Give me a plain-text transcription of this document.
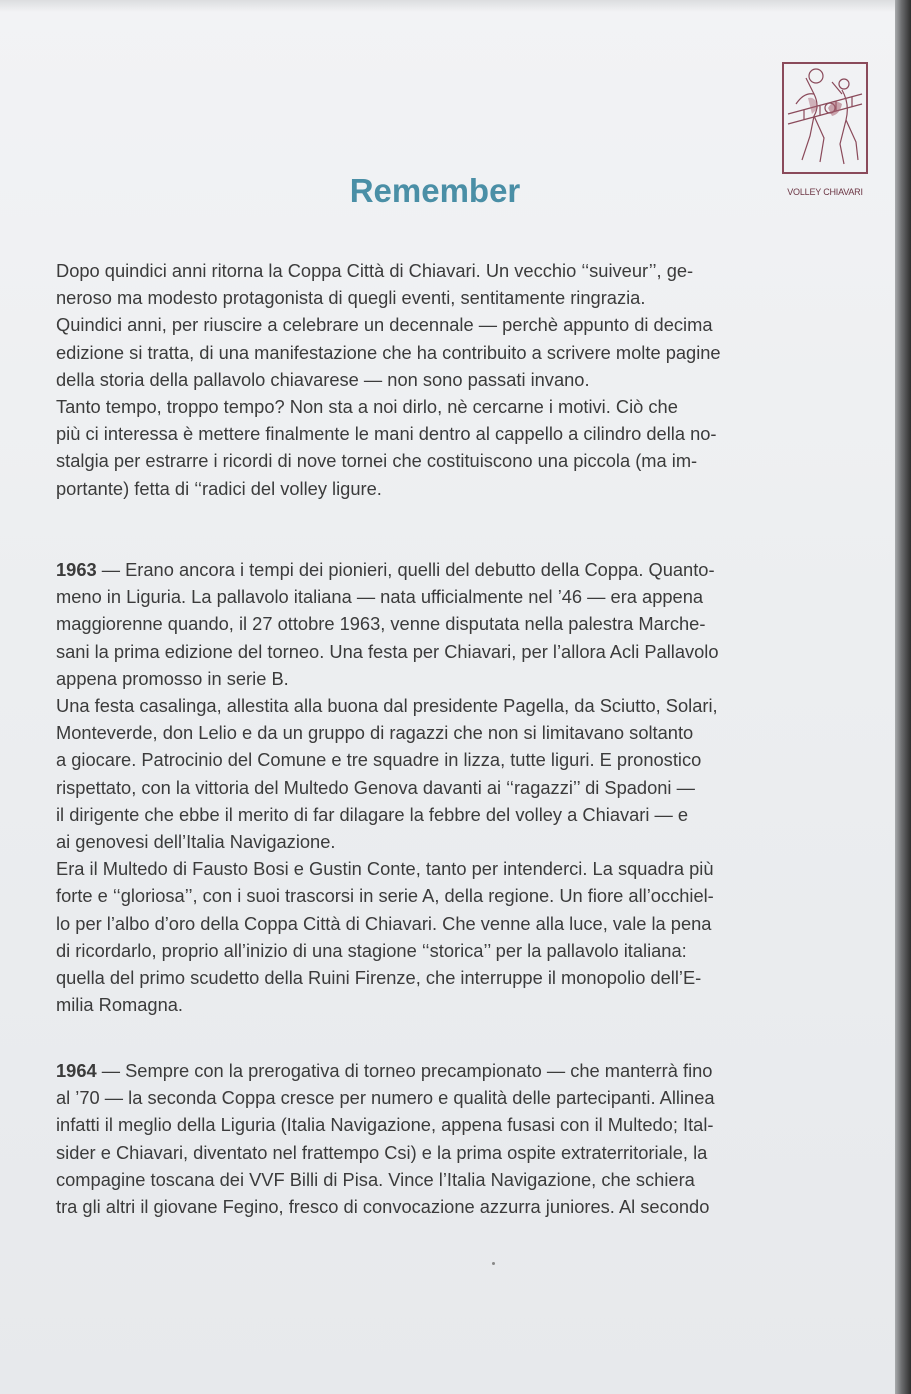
VOLLEY CHIAVARI
Remember

Dopo quindici anni ritorna la Coppa Città di Chiavari. Un vecchio ‘‘suiveur’’, ge-
neroso ma modesto protagonista di quegli eventi, sentitamente ringrazia.
Quindici anni, per riuscire a celebrare un decennale — perchè appunto di decima
edizione si tratta, di una manifestazione che ha contribuito a scrivere molte pagine
della storia della pallavolo chiavarese — non sono passati invano.
Tanto tempo, troppo tempo? Non sta a noi dirlo, nè cercarne i motivi. Ciò che
più ci interessa è mettere finalmente le mani dentro al cappello a cilindro della no-
stalgia per estrarre i ricordi di nove tornei che costituiscono una piccola (ma im-
portante) fetta di ‘‘radici del volley ligure.

1963 — Erano ancora i tempi dei pionieri, quelli del debutto della Coppa. Quanto-
meno in Liguria. La pallavolo italiana — nata ufficialmente nel ’46 — era appena
maggiorenne quando, il 27 ottobre 1963, venne disputata nella palestra Marche-
sani la prima edizione del torneo. Una festa per Chiavari, per l’allora Acli Pallavolo
appena promosso in serie B.
Una festa casalinga, allestita alla buona dal presidente Pagella, da Sciutto, Solari,
Monteverde, don Lelio e da un gruppo di ragazzi che non si limitavano soltanto
a giocare. Patrocinio del Comune e tre squadre in lizza, tutte liguri. E pronostico
rispettato, con la vittoria del Multedo Genova davanti ai ‘‘ragazzi’’ di Spadoni —
il dirigente che ebbe il merito di far dilagare la febbre del volley a Chiavari — e
ai genovesi dell’Italia Navigazione.
Era il Multedo di Fausto Bosi e Gustin Conte, tanto per intenderci. La squadra più
forte e ‘‘gloriosa’’, con i suoi trascorsi in serie A, della regione. Un fiore all’occhiel-
lo per l’albo d’oro della Coppa Città di Chiavari. Che venne alla luce, vale la pena
di ricordarlo, proprio all’inizio di una stagione ‘‘storica’’ per la pallavolo italiana:
quella del primo scudetto della Ruini Firenze, che interruppe il monopolio dell’E-
milia Romagna.

1964 — Sempre con la prerogativa di torneo precampionato — che manterrà fino
al ’70 — la seconda Coppa cresce per numero e qualità delle partecipanti. Allinea
infatti il meglio della Liguria (Italia Navigazione, appena fusasi con il Multedo; Ital-
sider e Chiavari, diventato nel frattempo Csi) e la prima ospite extraterritoriale, la
compagine toscana dei VVF Billi di Pisa. Vince l’Italia Navigazione, che schiera
tra gli altri il giovane Fegino, fresco di convocazione azzurra juniores. Al secondo
